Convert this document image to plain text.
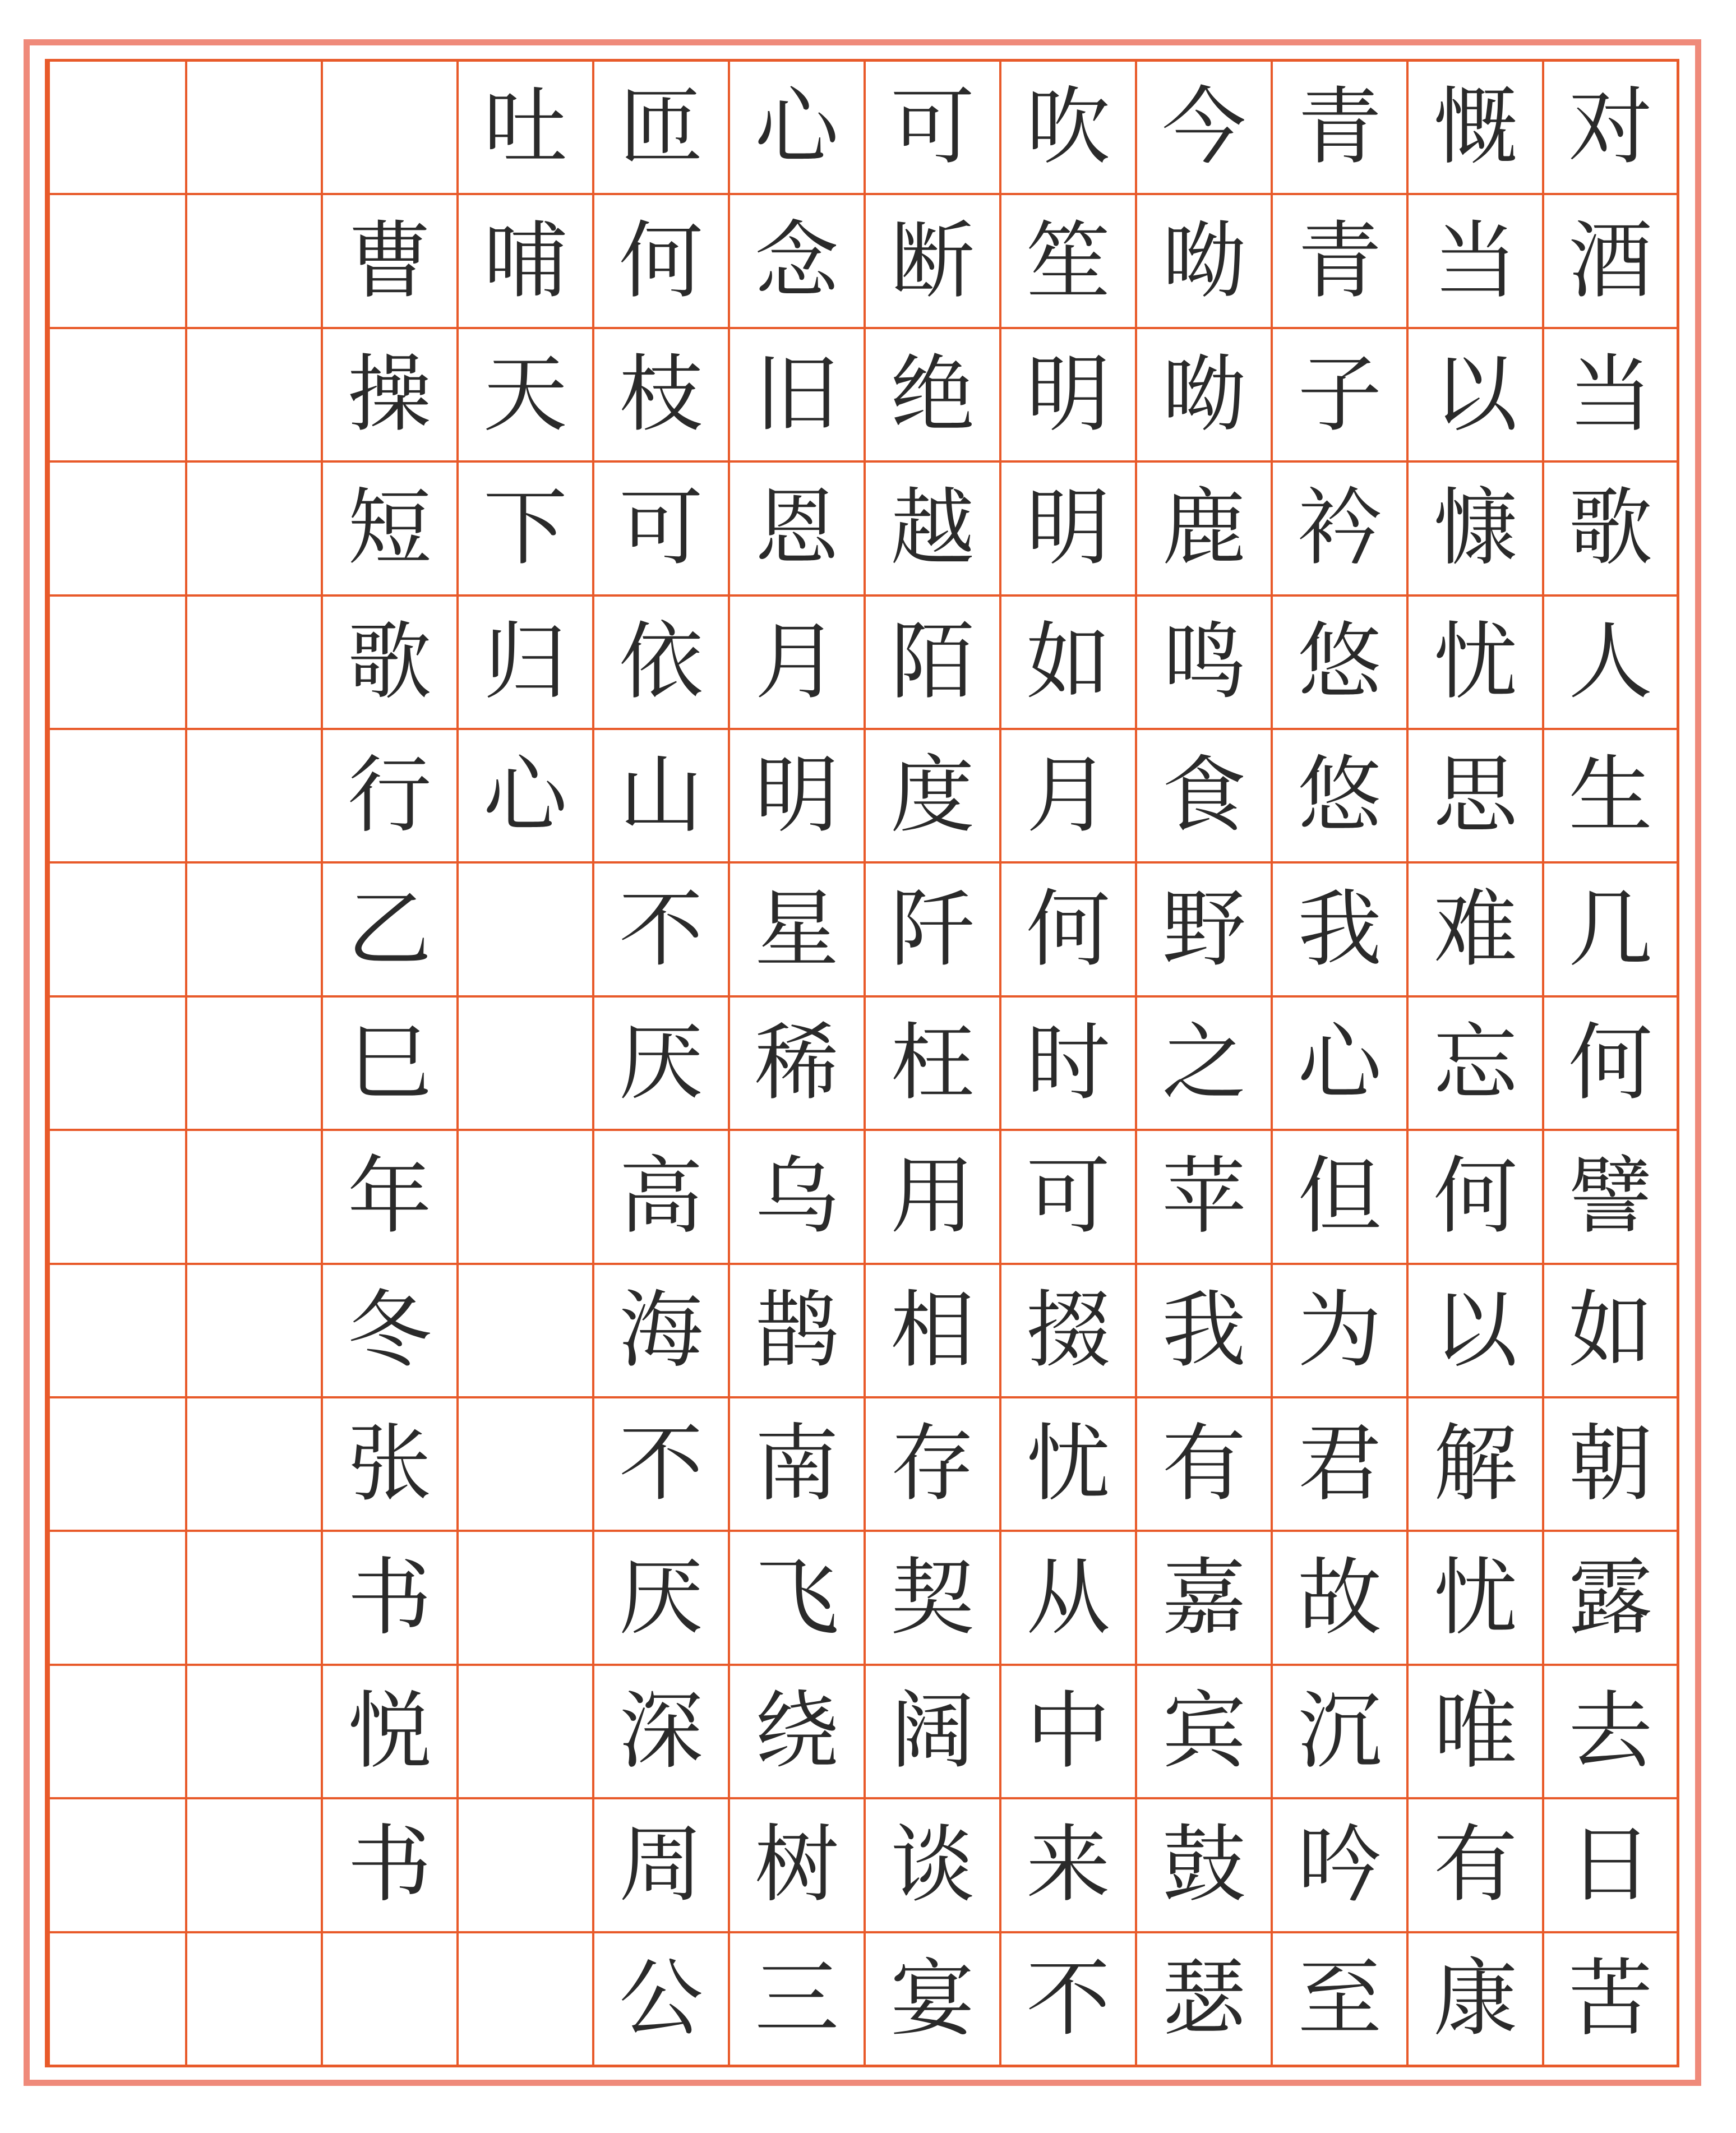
对
酒
当
歌
人
生
几
何
譬
如
朝
露
去
日
苦
慨
当
以
慷
忧
思
难
忘
何
以
解
忧
唯
有
康
青
青
子
衿
悠
悠
我
心
但
为
君
故
沉
吟
至
今
呦
呦
鹿
鸣
食
野
之
苹
我
有
嘉
宾
鼓
瑟
吹
笙
明
明
如
月
何
时
可
掇
忧
从
中
来
不
可
断
绝
越
陌
度
阡
枉
用
相
存
契
阔
谈
宴
心
念
旧
恩
月
明
星
稀
乌
鹊
南
飞
绕
树
三
匝
何
枝
可
依
山
不
厌
高
海
不
厌
深
周
公
吐
哺
天
下
归
心
曹
操
短
歌
行
乙
巳
年
冬
张
书
悦
书
